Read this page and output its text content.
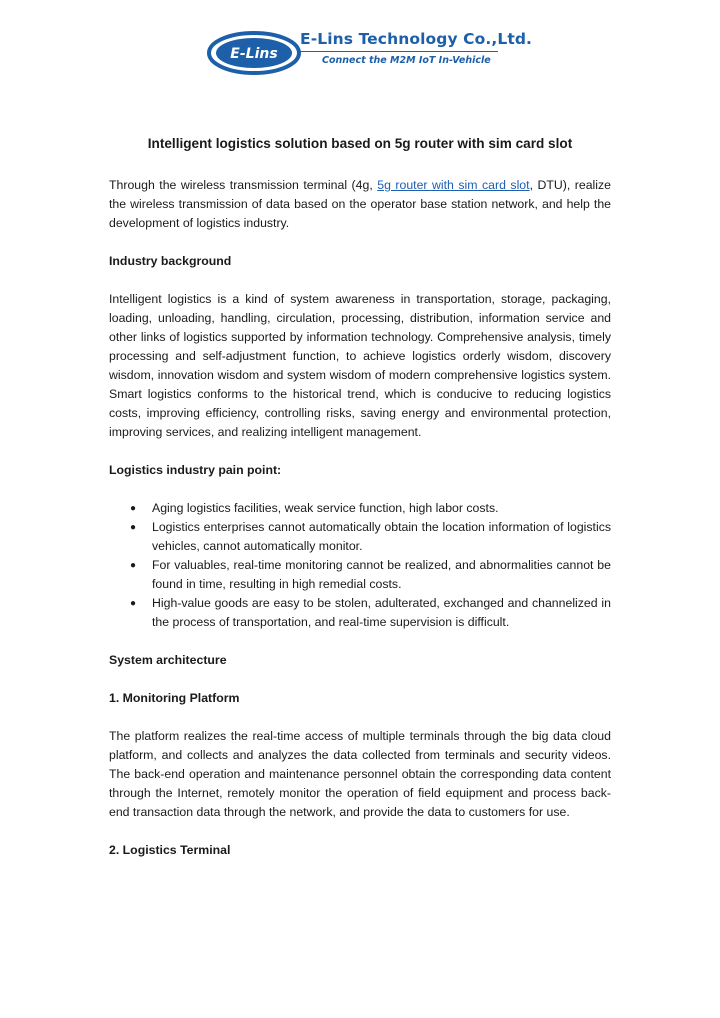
E-Lins
E-Lins Technology Co.,Ltd.
Connect the M2M IoT In-Vehicle
Intelligent logistics solution based on 5g router with sim card slot

Through the wireless transmission terminal (4g, 5g router with sim card slot, DTU), realize the wireless transmission of data based on the operator base station network, and help the development of logistics industry.

Industry background

Intelligent logistics is a kind of system awareness in transportation, storage, packaging, loading, unloading, handling, circulation, processing, distribution, information service and other links of logistics supported by information technology. Comprehensive analysis, timely processing and self-adjustment function, to achieve logistics orderly wisdom, discovery wisdom, innovation wisdom and system wisdom of modern comprehensive logistics system. Smart logistics conforms to the historical trend, which is conducive to reducing logistics costs, improving efficiency, controlling risks, saving energy and environmental protection, improving services, and realizing intelligent management.

Logistics industry pain point:
● Aging logistics facilities, weak service function, high labor costs.
● Logistics enterprises cannot automatically obtain the location information of logistics vehicles, cannot automatically monitor.
● For valuables, real-time monitoring cannot be realized, and abnormalities cannot be found in time, resulting in high remedial costs.
● High-value goods are easy to be stolen, adulterated, exchanged and channelized in the process of transportation, and real-time supervision is difficult.
System architecture
1. Monitoring Platform

The platform realizes the real-time access of multiple terminals through the big data cloud platform, and collects and analyzes the data collected from terminals and security videos. The back-end operation and maintenance personnel obtain the corresponding data content through the Internet, remotely monitor the operation of field equipment and process back-end transaction data through the network, and provide the data to customers for use.

2. Logistics Terminal
